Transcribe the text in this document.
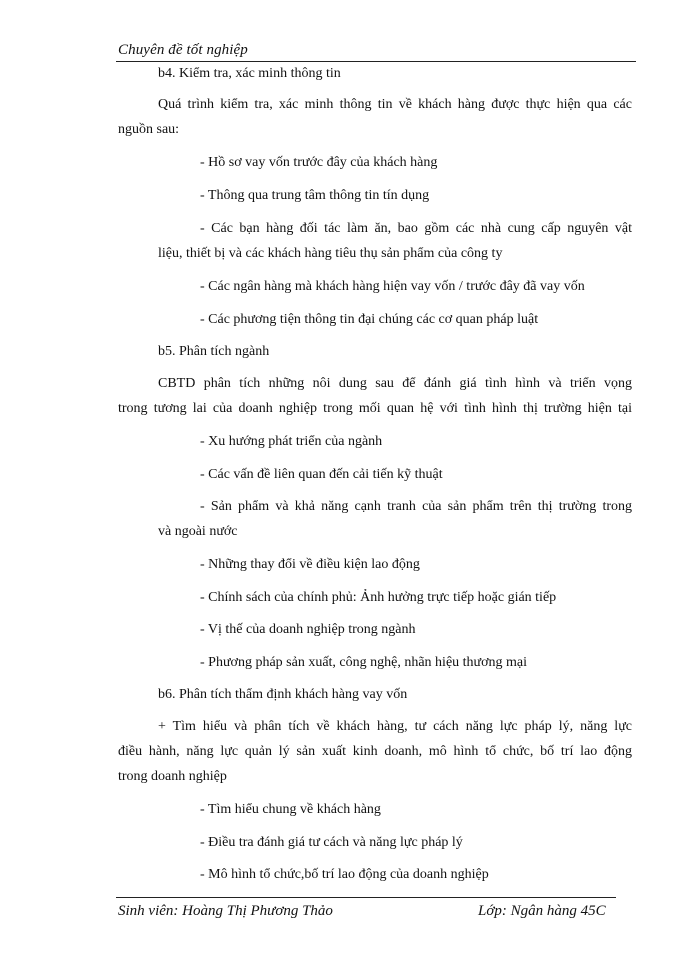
Chuyên đề tốt nghiệp
b4. Kiểm tra, xác minh thông tin
Quá trình kiểm tra, xác minh thông tin về khách hàng được thực hiện qua các
nguồn sau:
- Hồ sơ vay vốn trước đây của khách hàng
- Thông qua trung tâm thông tin tín dụng
- Các bạn hàng đối tác làm ăn, bao gồm các nhà cung cấp nguyên vật
liệu, thiết bị và các khách hàng tiêu thụ sản phẩm của công ty
- Các ngân hàng mà khách hàng hiện vay vốn / trước đây đã vay vốn
- Các phương tiện thông tin đại chúng các cơ quan pháp luật
b5. Phân tích ngành
CBTD phân tích những nôi dung sau để đánh giá tình hình và triển vọng
trong tương lai của doanh nghiệp trong mối quan hệ với tình hình thị trường hiện tại
- Xu hướng phát triển của ngành
- Các vấn đề liên quan đến cải tiến kỹ thuật
- Sản phẩm và khả năng cạnh tranh của sản phẩm trên thị trường trong
và ngoài nước
- Những thay đổi về điều kiện lao động
- Chính sách của chính phủ: Ảnh hưởng trực tiếp hoặc gián tiếp
- Vị thế của doanh nghiệp trong ngành
- Phương pháp sản xuất, công nghệ, nhãn hiệu thương mại
b6. Phân tích thẩm định khách hàng vay vốn
+ Tìm hiểu và phân tích về khách hàng, tư cách năng lực pháp lý, năng lực
điều hành, năng lực quản lý sản xuất kinh doanh, mô hình tổ chức, bố trí lao động
trong doanh nghiệp
- Tìm hiểu chung về khách hàng
- Điều tra đánh giá tư cách và năng lực pháp lý
- Mô hình tổ chức,bố trí lao động của doanh nghiệp
Sinh viên: Hoàng Thị Phương Thảo	Lớp: Ngân hàng 45C
